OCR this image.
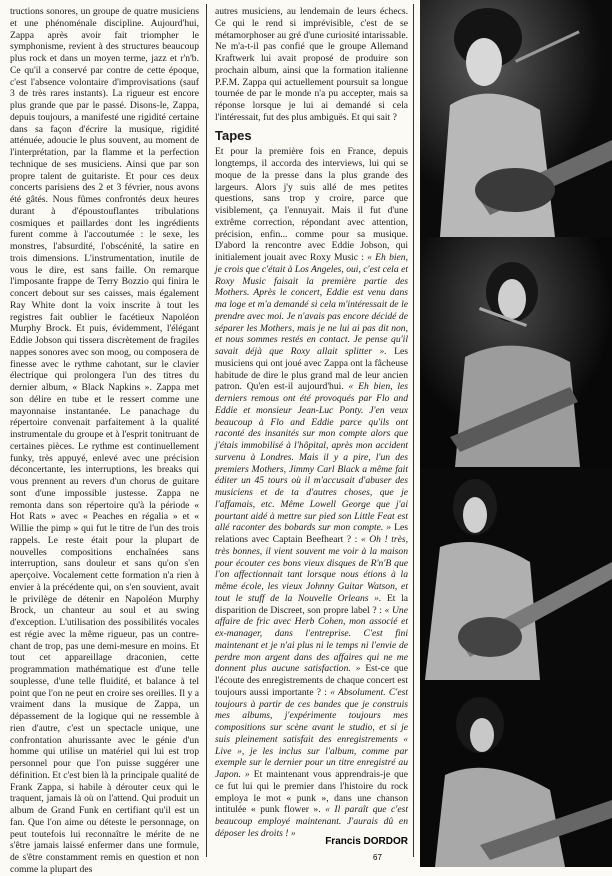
tructions sonores, un groupe de quatre musiciens et une phénoménale discipline. Aujourd'hui, Zappa après avoir fait triompher le symphonisme, revient à des structures beaucoup plus rock et dans un moyen terme, jazz et r'n'b. Ce qu'il a conservé par contre de cette époque, c'est l'absence volontaire d'improvisations (sauf 3 de très rares instants). La rigueur est encore plus grande que par le passé. Disons-le, Zappa, depuis toujours, a manifesté une rigidité certaine dans sa façon d'écrire la musique, rigidité atténuée, adoucie le plus souvent, au moment de l'interprétation, par la flamme et la perfection technique de ses musiciens. Ainsi que par son propre talent de guitariste. Et pour ces deux concerts parisiens des 2 et 3 février, nous avons été gâtés. Nous fûmes confrontés deux heures durant à d'époustouflantes tribulations cosmiques et paillardes dont les ingrédients furent comme à l'accoutumée : le sexe, les monstres, l'absurdité, l'obscénité, la satire en trois dimensions. L'instrumentation, inutile de vous le dire, est sans faille. On remarque l'imposante frappe de Terry Bozzio qui finira le concert debout sur ses caisses, mais également Ray White dont la voix inscrite à tout les registres fait oublier le facétieux Napoléon Murphy Brock. Et puis, évidemment, l'élégant Eddie Jobson qui tissera discrètement de fragiles nappes sonores avec son moog, ou composera de finesse avec le rythme cahotant, sur le clavier électrique qui prolongera l'un des titres du dernier album, « Black Napkins ». Zappa met son délire en tube et le ressert comme une mayonnaise instantanée. Le panachage du répertoire convenait parfaitement à la qualité instrumentale du groupe et à l'esprit tonitruant de certaines pièces. Le rythme est continuellement funky, très appuyé, enlevé avec une précision déconcertante, les interruptions, les breaks qui vous prennent au revers d'un chorus de guitare sont d'une impossible justesse. Zappa ne remonta dans son répertoire qu'à la période « Hot Rats » avec « Peaches en régalia » et « Willie the pimp » qui fut le titre de l'un des trois rappels. Le reste était pour la plupart de nouvelles compositions enchaînées sans interruption, sans douleur et sans qu'on s'en aperçoive. Vocalement cette formation n'a rien à envier à la précédente qui, on s'en souvient, avait le privilège de détenir en Napoléon Murphy Brock, un chanteur au soul et au swing d'exception. L'utilisation des possibilités vocales est régie avec la même rigueur, pas un contre-chant de trop, pas une demi-mesure en moins. Et tout cet appareillage draconien, cette programmation mathématique est d'une telle souplesse, d'une telle fluidité, et balance à tel point que l'on ne peut en croire ses oreilles. Il y a vraiment dans la musique de Zappa, un dépassement de la logique qui ne ressemble à rien d'autre, c'est un spectacle unique, une confrontation ahurissante avec le génie d'un homme qui utilise un matériel qui lui est trop personnel pour que l'on puisse suggérer une définition. Et c'est bien là la principale qualité de Frank Zappa, si habile à dérouter ceux qui le traquent, jamais là où on l'attend. Qui produit un album de Grand Funk en certifiant qu'il est un fan. Que l'on aime ou déteste le personnage, on peut toutefois lui reconnaître le mérite de ne s'être jamais laissé enfermer dans une formule, de s'être constamment remis en question et non comme la plupart des

autres musiciens, au lendemain de leurs échecs. Ce qui le rend si imprévisible, c'est de se métamorphoser au gré d'une curiosité intarissable. Ne m'a-t-il pas confié que le groupe Allemand Kraftwerk lui avait proposé de produire son prochain album, ainsi que la formation italienne P.F.M. Zappa qui actuellement poursuit sa longue tournée de par le monde n'a pu accepter, mais sa réponse lorsque je lui ai demandé si cela l'intéressait, fut des plus ambiguës. Et qui sait ?

Tapes

Et pour la première fois en France, depuis longtemps, il accorda des interviews, lui qui se moque de la presse dans la plus grande des largeurs. Alors j'y suis allé de mes petites questions, sans trop y croire, parce que visiblement, ça l'ennuyait. Mais il fut d'une extrême correction, répondant avec attention, précision, enfin... comme pour sa musique. D'abord la rencontre avec Eddie Jobson, qui initialement jouait avec Roxy Music : « Eh bien, je crois que c'était à Los Angeles, oui, c'est cela et Roxy Music faisait la première partie des Mothers. Après le concert, Eddie est venu dans ma loge et m'a demandé si cela m'intéressait de le prendre avec moi. Je n'avais pas encore décidé de séparer les Mothers, mais je ne lui ai pas dit non, et nous sommes restés en contact. Je pense qu'il savait déjà que Roxy allait splitter ». Les musiciens qui ont joué avec Zappa ont la fâcheuse habitude de dire le plus grand mal de leur ancien patron. Qu'en est-il aujourd'hui. « Eh bien, les derniers remous ont été provoqués par Flo and Eddie et monsieur Jean-Luc Ponty. J'en veux beaucoup à Flo and Eddie parce qu'ils ont raconté des insanités sur mon compte alors que j'étais immobilisé à l'hôpital, après mon accident survenu à Londres. Mais il y a pire, l'un des premiers Mothers, Jimmy Carl Black a même fait éditer un 45 tours où il m'accusait d'abuser des musiciens et de ta d'autres choses, que je l'affamais, etc. Même Lowell George que j'ai pourtant aidé à mettre sur pied son Little Feat est allé raconter des bobards sur mon compte. » Les relations avec Captain Beefheart ? : « Oh ! très, très bonnes, il vient souvent me voir à la maison pour écouter ces bons vieux disques de R'n'B que l'on affectionnait tant lorsque nous étions à la même école, les vieux Johnny Guitar Watson, et tout le stuff de la Nouvelle Orleans ». Et la disparition de Discreet, son propre label ? : « Une affaire de fric avec Herb Cohen, mon associé et ex-manager, dans l'entreprise. C'est fini maintenant et je n'ai plus ni le temps ni l'envie de perdre mon argent dans des affaires qui ne me donnent plus aucune satisfaction. » Est-ce que l'écoute des enregistrements de chaque concert est toujours aussi importante ? : « Absolument. C'est toujours à partir de ces bandes que je construis mes albums, j'expérimente toujours mes compositions sur scène avant le studio, et si je suis pleinement satisfait des enregistrements « Live », je les inclus sur l'album, comme par exemple sur le dernier pour un titre enregistré au Japon. » Et maintenant vous apprendrais-je que ce fut lui qui le premier dans l'histoire du rock employa le mot « punk », dans une chanson intitulée « punk flower ». « Il paraît que c'est beaucoup employé maintenant. J'aurais dû en déposer les droits ! »

Francis DORDOR
67
